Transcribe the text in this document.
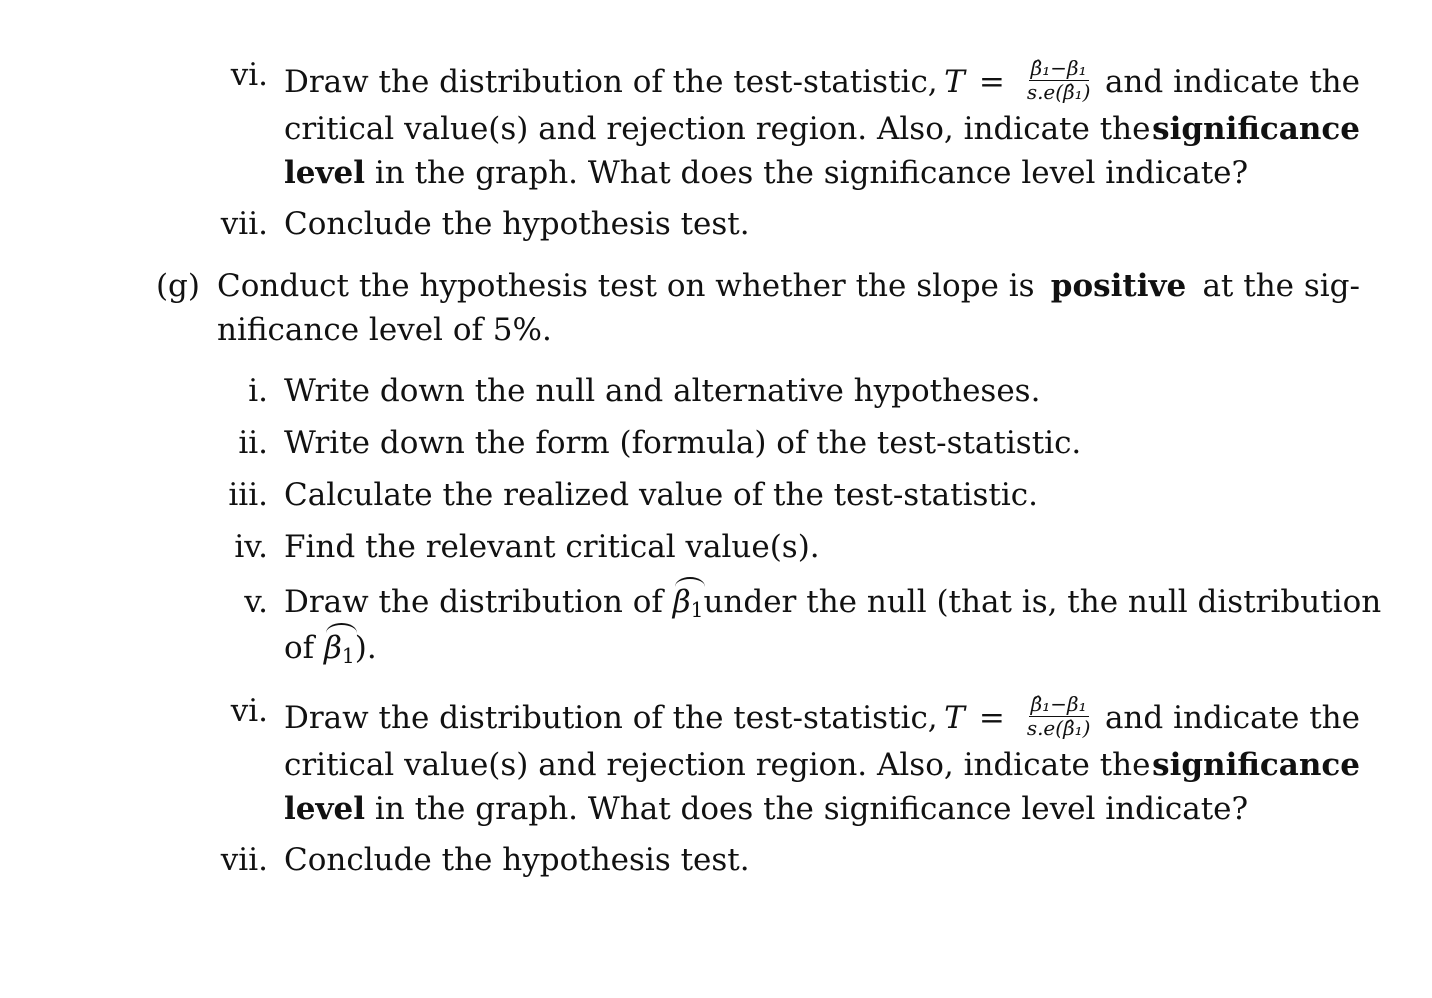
vi. Draw the distribution of the test-statistic, $T = \frac{\text{β̂₁−β₁}}{\text{s.e(β̂₁)}}$ and indicate the
critical value(s) and rejection region. Also, indicate the significance
level in the graph. What does the significance level indicate?
vii. Conclude the hypothesis test.
(g) Conduct the hypothesis test on whether the slope is positive at the sig-
nificance level of 5%.
i. Write down the null and alternative hypotheses.
ii. Write down the form (formula) of the test-statistic.
iii. Calculate the realized value of the test-statistic.
iv. Find the relevant critical value(s).
v. Draw the distribution of $\beta_1$ under the null (that is, the null distribution
of $\beta_1$).
vi. Draw the distribution of the test-statistic, $T = \frac{\text{β̂₁−β₁}}{\text{s.e(β̂₁)}}$ and indicate the
critical value(s) and rejection region. Also, indicate the significance
level in the graph. What does the significance level indicate?
vii. Conclude the hypothesis test.
